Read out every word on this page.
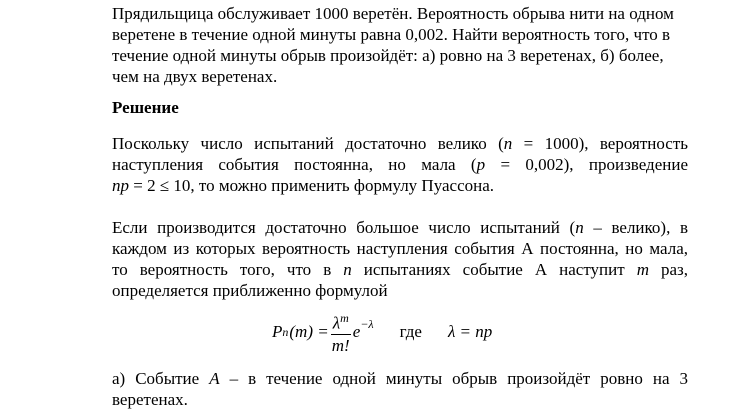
Прядильщица обслуживает 1000 веретён. Вероятность обрыва нити на одном
веретене в течение одной минуты равна 0,002. Найти вероятность того, что в
течение одной минуты обрыв произойдёт: а) ровно на 3 веретенах, б) более,
чем на двух веретенах.

Решение

Поскольку число испытаний достаточно велико (n = 1000), вероятность
наступления события постоянна, но мала (p = 0,002), произведение
np = 2 ≤ 10, то можно применить формулу Пуассона.
Если производится достаточно большое число испытаний (n – велико), в
каждом из которых вероятность наступления события А постоянна, но мала,
то вероятность того, что в n испытаниях событие А наступит m раз,
определяется приближенно формулой
P n $(m) = \frac{\lambda^m}{m!} e^{-\lambda}$ где λ = np
а) Событие A – в течение одной минуты обрыв произойдёт ровно на 3
веретенах.
